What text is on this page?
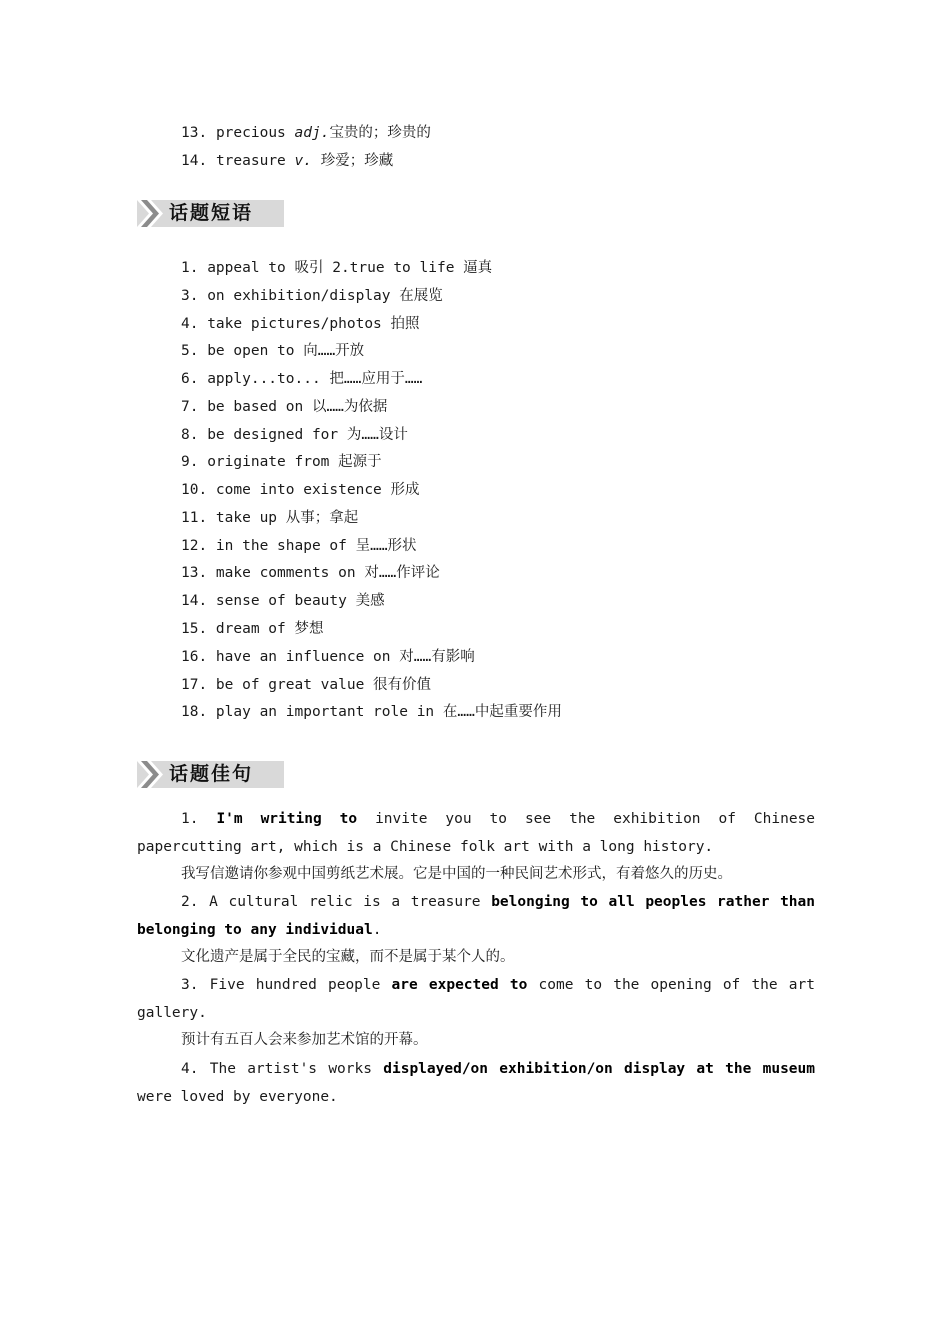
13. precious adj.宝贵的；珍贵的
14. treasure v. 珍爱；珍藏
话题短语
1. appeal to 吸引 2.true to life 逼真
3. on exhibition/display 在展览
4. take pictures/photos 拍照
5. be open to 向……开放
6. apply...to... 把……应用于……
7. be based on 以……为依据
8. be designed for 为……设计
9. originate from 起源于
10. come into existence 形成
11. take up 从事；拿起
12. in the shape of 呈……形状
13. make comments on 对……作评论
14. sense of beauty 美感
15. dream of 梦想
16. have an influence on 对……有影响
17. be of great value 很有价值
18. play an important role in 在……中起重要作用
话题佳句
1. I'm writing to invite you to see the exhibition of Chinese papercutting art, which is a Chinese folk art with a long history.
我写信邀请你参观中国剪纸艺术展。它是中国的一种民间艺术形式，有着悠久的历史。
2. A cultural relic is a treasure belonging to all peoples rather than belonging to any individual.
文化遗产是属于全民的宝藏，而不是属于某个人的。
3. Five hundred people are expected to come to the opening of the art gallery.
预计有五百人会来参加艺术馆的开幕。
4. The artist's works displayed/on exhibition/on display at the museum were loved by everyone.
